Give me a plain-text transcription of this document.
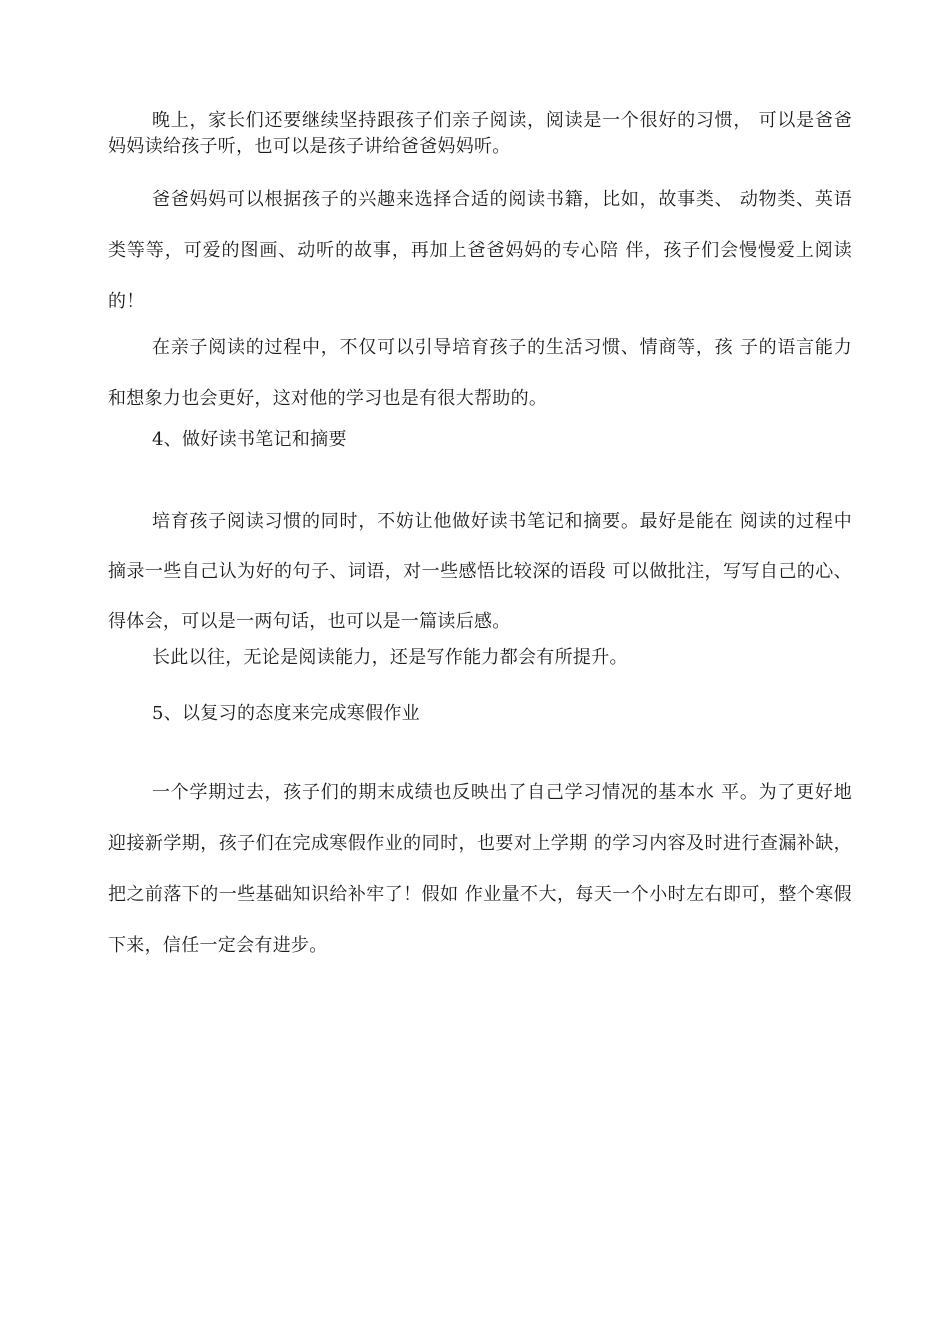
晚上，家长们还要继续坚持跟孩子们亲子阅读，阅读是一个很好的习惯， 可以是爸爸妈妈读给孩子听，也可以是孩子讲给爸爸妈妈听。

爸爸妈妈可以根据孩子的兴趣来选择合适的阅读书籍，比如，故事类、 动物类、英语类等等，可爱的图画、动听的故事，再加上爸爸妈妈的专心陪 伴，孩子们会慢慢爱上阅读的！

在亲子阅读的过程中，不仅可以引导培育孩子的生活习惯、情商等，孩 子的语言能力和想象力也会更好，这对他的学习也是有很大帮助的。

4、做好读书笔记和摘要

培育孩子阅读习惯的同时，不妨让他做好读书笔记和摘要。最好是能在 阅读的过程中摘录一些自己认为好的句子、词语，对一些感悟比较深的语段 可以做批注，写写自己的心、得体会，可以是一两句话，也可以是一篇读后感。

长此以往，无论是阅读能力，还是写作能力都会有所提升。

5、以复习的态度来完成寒假作业

一个学期过去，孩子们的期末成绩也反映出了自己学习情况的基本水 平。为了更好地迎接新学期，孩子们在完成寒假作业的同时，也要对上学期 的学习内容及时进行查漏补缺，把之前落下的一些基础知识给补牢了！假如 作业量不大，每天一个小时左右即可，整个寒假下来，信任一定会有进步。
